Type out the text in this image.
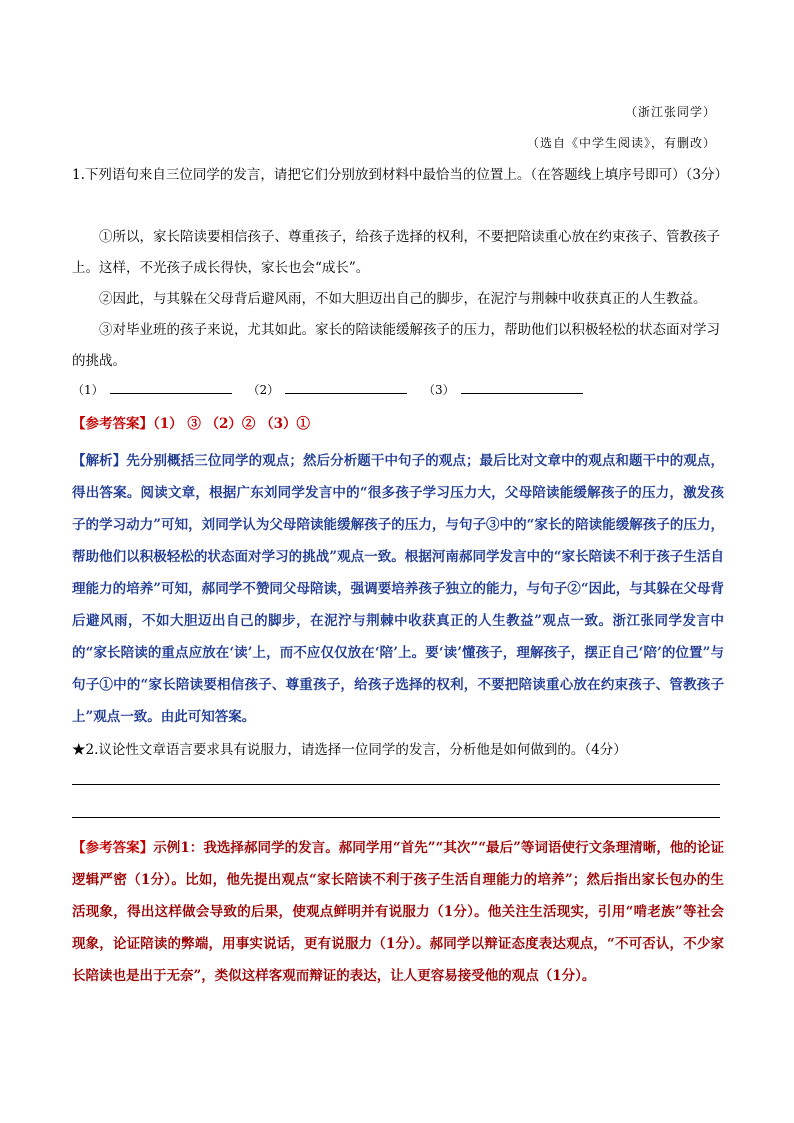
（浙江张同学）
（选自《中学生阅读》，有删改）
1.下列语句来自三位同学的发言，请把它们分别放到材料中最恰当的位置上。（在答题线上填序号即可）（3分）
①所以，家长陪读要相信孩子、尊重孩子，给孩子选择的权利，不要把陪读重心放在约束孩子、管教孩子上。这样，不光孩子成长得快，家长也会“成长”。
②因此，与其躲在父母背后避风雨，不如大胆迈出自己的脚步，在泥泞与荆棘中收获真正的人生教益。
③对毕业班的孩子来说，尤其如此。家长的陪读能缓解孩子的压力，帮助他们以积极轻松的状态面对学习的挑战。
（1）	（2）	（3）
【参考答案】（1） ③ （2）② （3）①
【解析】先分别概括三位同学的观点；然后分析题干中句子的观点；最后比对文章中的观点和题干中的观点，得出答案。阅读文章，根据广东刘同学发言中的“很多孩子学习压力大，父母陪读能缓解孩子的压力，激发孩子的学习动力”可知，刘同学认为父母陪读能缓解孩子的压力，与句子③中的“家长的陪读能缓解孩子的压力，帮助他们以积极轻松的状态面对学习的挑战”观点一致。根据河南郝同学发言中的“家长陪读不利于孩子生活自理能力的培养”可知，郝同学不赞同父母陪读，强调要培养孩子独立的能力，与句子②“因此，与其躲在父母背后避风雨，不如大胆迈出自己的脚步，在泥泞与荆棘中收获真正的人生教益”观点一致。浙江张同学发言中的“家长陪读的重点应放在‘读’上，而不应仅仅放在‘陪’上。要‘读’懂孩子，理解孩子，摆正自己‘陪’的位置”与句子①中的“家长陪读要相信孩子、尊重孩子，给孩子选择的权利，不要把陪读重心放在约束孩子、管教孩子上”观点一致。由此可知答案。
★2.议论性文章语言要求具有说服力，请选择一位同学的发言，分析他是如何做到的。（4分）
【参考答案】示例1：我选择郝同学的发言。郝同学用“首先”“其次”“最后”等词语使行文条理清晰，他的论证逻辑严密（1分）。比如，他先提出观点“家长陪读不利于孩子生活自理能力的培养”；然后指出家长包办的生活现象，得出这样做会导致的后果，使观点鲜明并有说服力（1分）。他关注生活现实，引用“啃老族”等社会现象，论证陪读的弊端，用事实说话，更有说服力（1分）。郝同学以辩证态度表达观点，“不可否认，不少家长陪读也是出于无奈”，类似这样客观而辩证的表达，让人更容易接受他的观点（1分）。
